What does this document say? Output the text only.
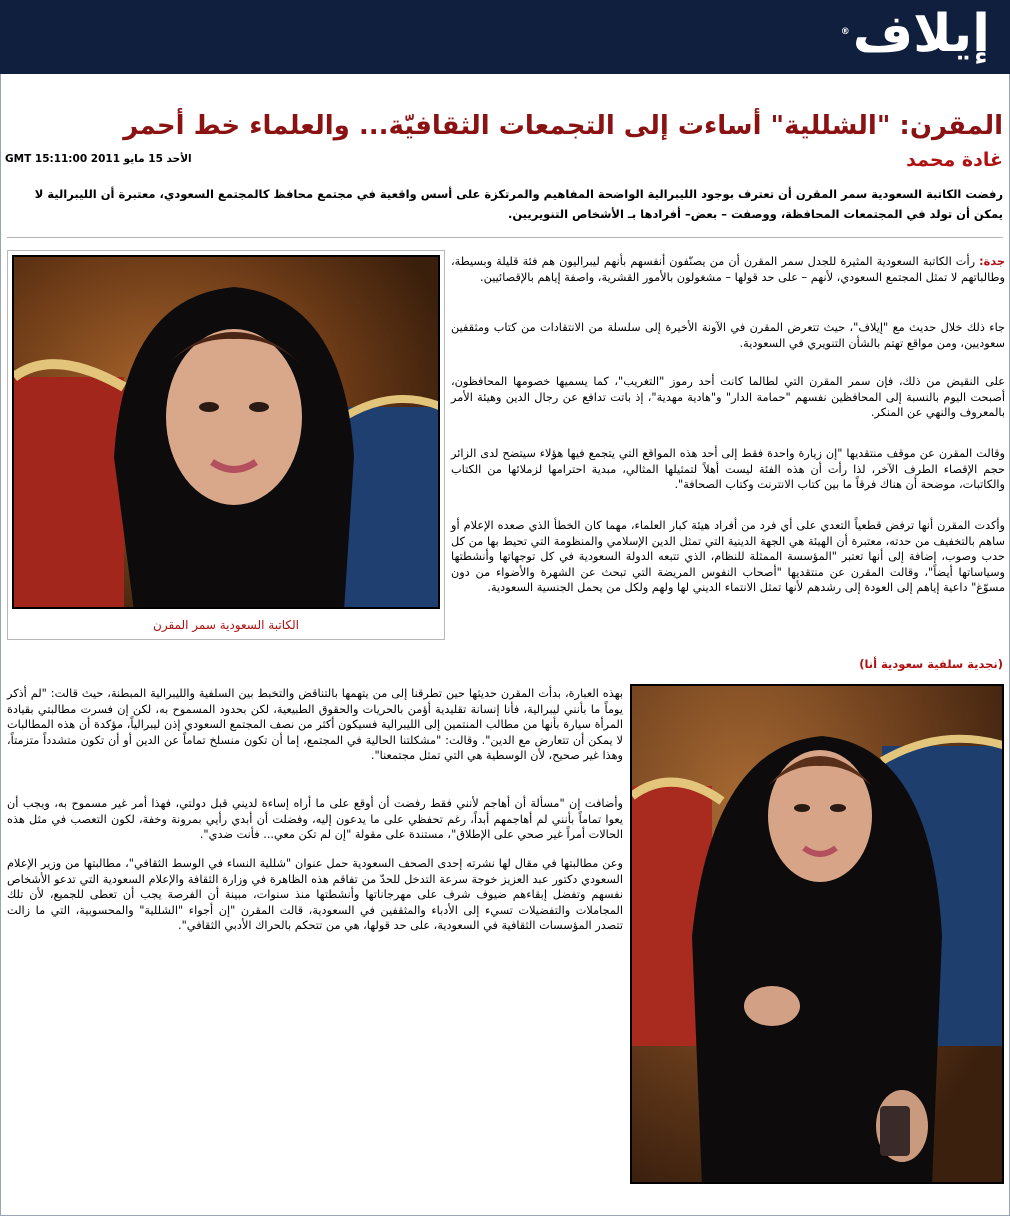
إيلاف
®
المقرن: "الشللية" أساءت إلى التجمعات الثقافيّة... والعلماء خط أحمر
غادة محمد
GMT 15:11:00 2011 الأحد 15 مايو

رفضت الكاتبة السعودية سمر المقرن أن تعترف بوجود الليبرالية الواضحة المفاهيم والمرتكزة على أسس واقعية في مجتمع محافظ كالمجتمع السعودي، معتبرة أن الليبرالية لا يمكن أن تولد في المجتمعات المحافظة، ووصفت – بعض– أفرادها بـ الأشخاص التنويريين.

الكاتبة السعودية سمر المقرن

جدة: رأت الكاتبة السعودية المثيرة للجدل سمر المقرن أن من يصنّفون أنفسهم بأنهم ليبراليون هم فئة قليلة وبسيطة، وطالباتهم لا تمثل المجتمع السعودي، لأنهم – على حد قولها – مشغولون بالأمور القشرية، واصفة إياهم بالإقصائيين.

جاء ذلك خلال حديث مع "إيلاف"، حيث تتعرض المقرن في الآونة الأخيرة إلى سلسلة من الانتقادات من كتاب ومثقفين سعوديين، ومن مواقع تهتم بالشأن التنويري في السعودية.

على النقيض من ذلك، فإن سمر المقرن التي لطالما كانت أحد رموز "التغريب"، كما يسميها خصومها المحافظون، أصبحت اليوم بالنسبة إلى المحافظين نفسهم "حمامة الدار" و"هادية مهدية"، إذ باتت تدافع عن رجال الدين وهيئة الأمر بالمعروف والنهي عن المنكر.

وقالت المقرن عن موقف منتقديها "إن زيارة واحدة فقط إلى أحد هذه المواقع التي يتجمع فيها هؤلاء سيتضح لدى الزائر حجم الإقصاء الطرف الآخر، لذا رأت أن هذه الفئة ليست أهلاً لتمثيلها المثالي، مبدية احترامها لزملائها من الكتاب والكاتبات، موضحة أن هناك فرقاً ما بين كتاب الانترنت وكتاب الصحافة".

وأكدت المقرن أنها ترفض قطعياً التعدي على أي فرد من أفراد هيئة كبار العلماء، مهما كان الخطأ الذي صعده الإعلام أو ساهم بالتخفيف من حدته، معتبرة أن الهيئة هي الجهة الدينية التي تمثل الدين الإسلامي والمنظومة التي تحيط بها من كل حدب وصوب، إضافة إلى أنها تعتبر "المؤسسة الممثلة للنظام، الذي تتبعه الدولة السعودية في كل توجهاتها وأنشطتها وسياساتها أيضاً"، وقالت المقرن عن منتقديها "أصحاب النفوس المريضة التي تبحث عن الشهرة والأضواء من دون مسوّغ" داعية إياهم إلى العودة إلى رشدهم لأنها تمثل الانتماء الديني لها ولهم ولكل من يحمل الجنسية السعودية.

(نجدية سلفية سعودية أنا)

بهذه العبارة، بدأت المقرن حديثها حين تطرقنا إلى من يتهمها بالتناقض والتخبط بين السلفية والليبرالية المبطنة، حيث قالت: "لم أذكر يوماً ما بأنني ليبرالية، فأنا إنسانة تقليدية أؤمن بالحريات والحقوق الطبيعية، لكن بحدود المسموح به، لكن إن فسرت مطالبتي بقيادة المرأة سيارة بأنها من مطالب المنتمين إلى الليبرالية فسيكون أكثر من نصف المجتمع السعودي إذن ليبرالياً، مؤكدة أن هذه المطالبات لا يمكن أن تتعارض مع الدين". وقالت: "مشكلتنا الحالية في المجتمع، إما أن تكون منسلخ تماماً عن الدين أو أن تكون متشدداً متزمتاً، وهذا غير صحيح، لأن الوسطية هي التي تمثل مجتمعنا".

وأضافت إن "مسألة أن أهاجم لأنني فقط رفضت أن أوقع على ما أراه إساءة لديني قبل دولتي، فهذا أمر غير مسموح به، ويجب أن يعوا تماماً بأنني لم أهاجمهم أبداً، رغم تحفظي على ما يدعون إليه، وفضلت أن أبدي رأيي بمرونة وخفة، لكون التعصب في مثل هذه الحالات أمراً غير صحي على الإطلاق"، مستندة على مقولة "إن لم تكن معي... فأنت ضدي".

وعن مطالبتها في مقال لها نشرته إحدى الصحف السعودية حمل عنوان "شللية النساء في الوسط الثقافي"، مطالبتها من وزير الإعلام السعودي دكتور عبد العزيز خوجة سرعة التدخل للحدّ من تفاقم هذه الظاهرة في وزارة الثقافة والإعلام السعودية التي تدعو الأشخاص نفسهم وتفضل إبقاءهم ضيوف شرف على مهرجاناتها وأنشطتها منذ سنوات، مبينة أن الفرصة يجب أن تعطى للجميع، لأن تلك المجاملات والتفضيلات تسيء إلى الأدباء والمثقفين في السعودية، قالت المقرن "إن أجواء "الشللية" والمحسوبية، التي ما زالت تتصدر المؤسسات الثقافية في السعودية، على حد قولها، هي من تتحكم بالحراك الأدبي الثقافي".
